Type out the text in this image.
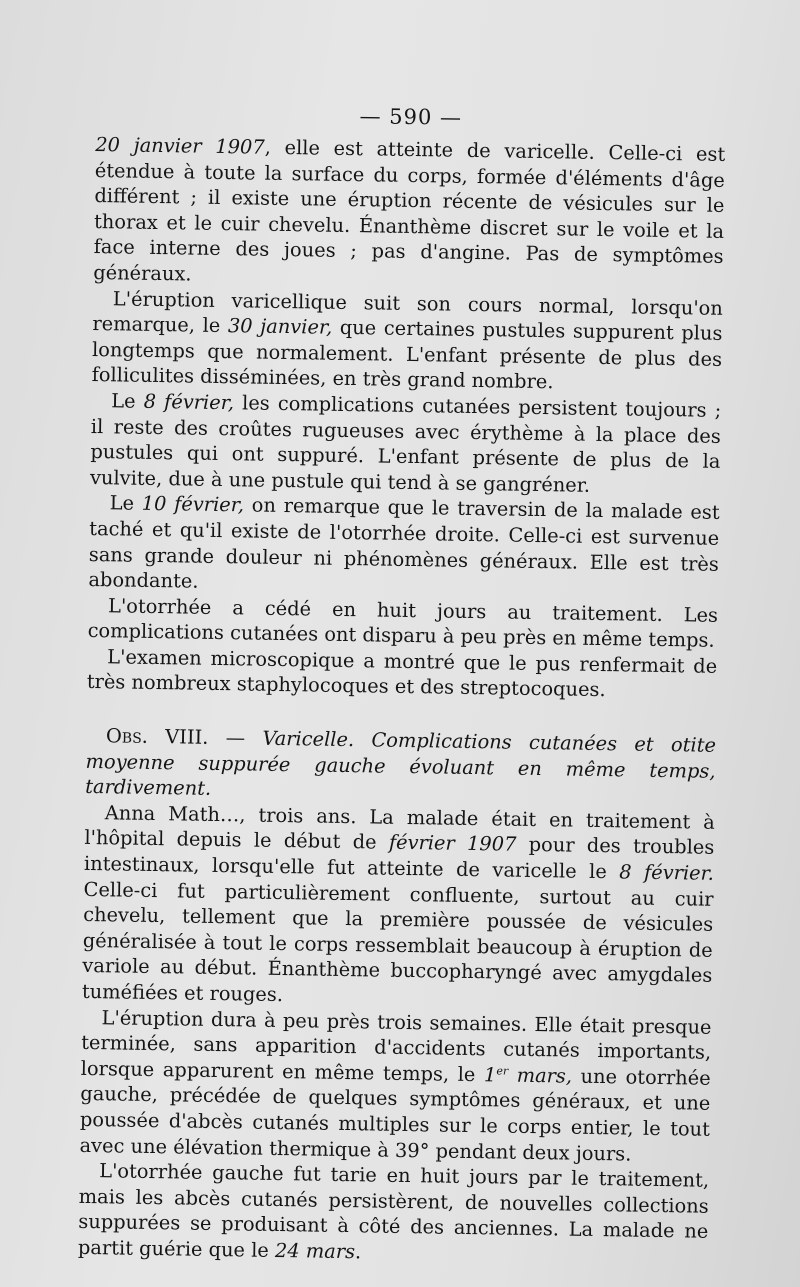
— 590 —

20 janvier 1907, elle est atteinte de varicelle. Celle-ci est étendue à toute la surface du corps, formée d'éléments d'âge différent ; il existe une éruption récente de vésicules sur le thorax et le cuir chevelu. Énanthème discret sur le voile et la face interne des joues ; pas d'angine. Pas de symptômes généraux.

L'éruption varicellique suit son cours normal, lorsqu'on remarque, le 30 janvier, que certaines pustules suppurent plus longtemps que normalement. L'enfant présente de plus des folliculites disséminées, en très grand nombre.

Le 8 février, les complications cutanées persistent toujours ; il reste des croûtes rugueuses avec érythème à la place des pustules qui ont suppuré. L'enfant présente de plus de la vulvite, due à une pustule qui tend à se gangréner.

Le 10 février, on remarque que le traversin de la malade est taché et qu'il existe de l'otorrhée droite. Celle-ci est survenue sans grande douleur ni phénomènes généraux. Elle est très abondante.

L'otorrhée a cédé en huit jours au traitement. Les complications cutanées ont disparu à peu près en même temps.

L'examen microscopique a montré que le pus renfermait de très nombreux staphylocoques et des streptocoques.

Obs. VIII. — Varicelle. Complications cutanées et otite moyenne suppurée gauche évoluant en même temps, tardivement.

Anna Math…, trois ans. La malade était en traitement à l'hôpital depuis le début de février 1907 pour des troubles intestinaux, lorsqu'elle fut atteinte de varicelle le 8 février. Celle-ci fut particulièrement confluente, surtout au cuir chevelu, tellement que la première poussée de vésicules généralisée à tout le corps ressemblait beaucoup à éruption de variole au début. Énanthème buccopharyngé avec amygdales tuméfiées et rouges.

L'éruption dura à peu près trois semaines. Elle était presque terminée, sans apparition d'accidents cutanés importants, lorsque apparurent en même temps, le 1er mars, une otorrhée gauche, précédée de quelques symptômes généraux, et une poussée d'abcès cutanés multiples sur le corps entier, le tout avec une élévation thermique à 39° pendant deux jours.

L'otorrhée gauche fut tarie en huit jours par le traitement, mais les abcès cutanés persistèrent, de nouvelles collections suppurées se produisant à côté des anciennes. La malade ne partit guérie que le 24 mars.
